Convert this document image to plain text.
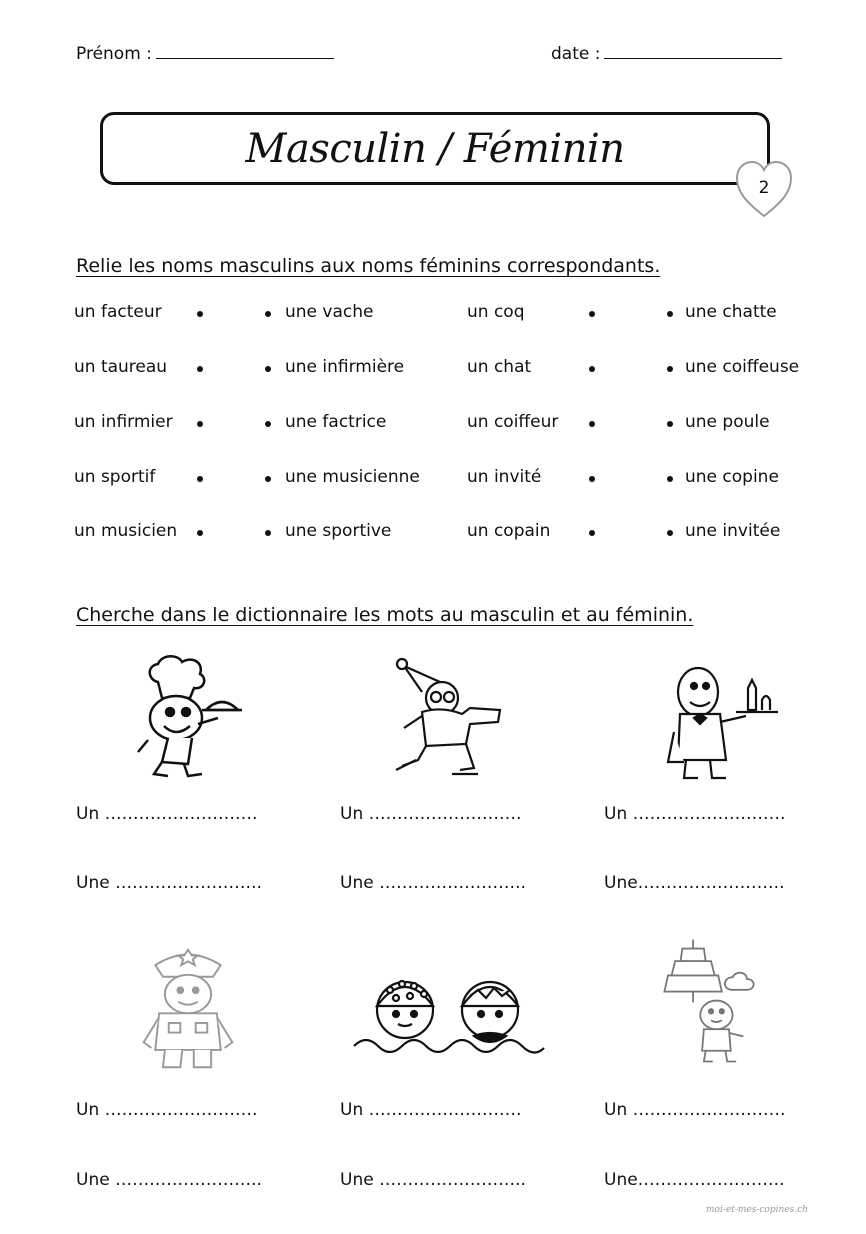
Prénom :	date :
Masculin / Féminin
2
Relie les noms masculins aux noms féminins correspondants.
un facteur	une vache	un coq	une chatte
un taureau	une infirmière	un chat	une coiffeuse
un infirmier	une factrice	un coiffeur	une poule
un sportif	une musicienne	un invité	une copine
un musicien	une sportive	un copain	une invitée
Cherche dans le dictionnaire les mots au masculin et au féminin.
Un ………………………
Une ……………………..
Un ………………………
Une ……………………..
Un ………………………
Une……………………..
Un ………………………
Une ……………………..
Un ………………………
Une ……………………..
Un ………………………
Une……………………..
moi-et-mes-copines.ch
